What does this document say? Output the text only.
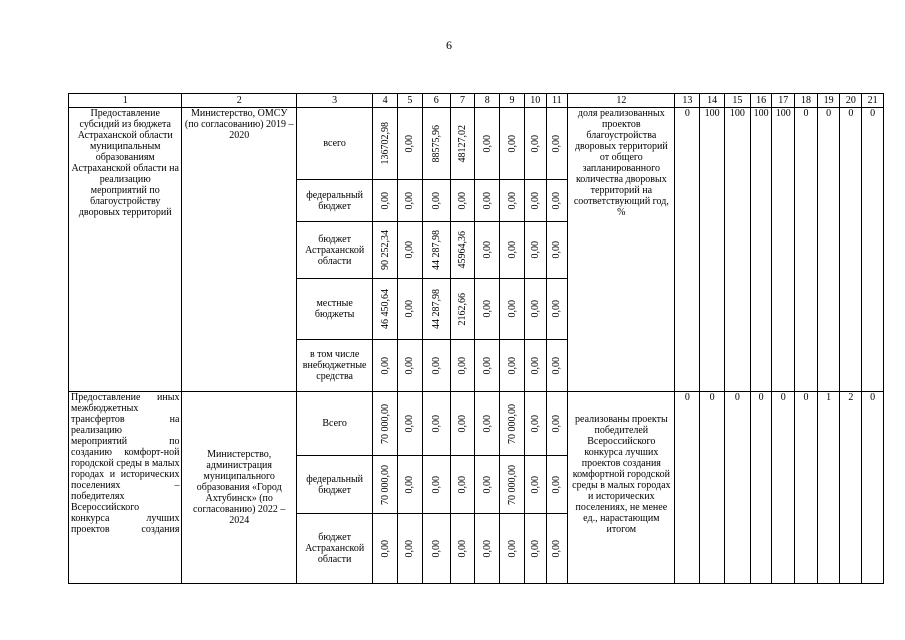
6
1	2	3	4	5	6	7	8	9	10	11	12	13	14	15	16	17	18	19	20	21
Предоставление субсидий из бюджета Астраханской области муниципальным образованиям Астраханской области на реализацию мероприятий по благоустройству дворовых территорий	Министерство, ОМСУ (по согласованию) 2019 – 2020	всего	136702,98	0,00	88575,96	48127,02	0,00	0,00	0,00	0,00	доля реализованных проектов благоустройства дворовых территорий от общего запланированного количества дворовых территорий на соответствующий год, %	0	100	100	100	100	0	0	0	0
		федеральный бюджет	0,00	0,00	0,00	0,00	0,00	0,00	0,00	0,00										

		бюджет Астраханской области	90 252,34	0,00	44 287,98	45964,36	0,00	0,00	0,00	0,00										

		местные бюджеты	46 450,64	0,00	44 287,98	2162,66	0,00	0,00	0,00	0,00										

		в том числе внебюджетные средства	0,00	0,00	0,00	0,00	0,00	0,00	0,00	0,00										

Предоставление иных межбюджетных трансфертов на реализацию мероприятий по созданию комфорт-ной городской среды в малых городах и исторических поселениях – победителях Всероссийского конкурса лучших проектов создания	Министерство, администрация муниципального образования «Город Ахтубинск» (по согласованию) 2022 – 2024	Всего	70 000,00	0,00	0,00	0,00	0,00	70 000,00	0,00	0,00	реализованы проекты победителей Всероссийского конкурса лучших проектов создания комфортной городской среды в малых городах и исторических поселениях, не менее ед., нарастающим итогом	0	0	0	0	0	0	1	2	0
		федеральный бюджет	70 000,00	0,00	0,00	0,00	0,00	70 000,00	0,00	0,00										

		бюджет Астраханской области	0,00	0,00	0,00	0,00	0,00	0,00	0,00	0,00										
